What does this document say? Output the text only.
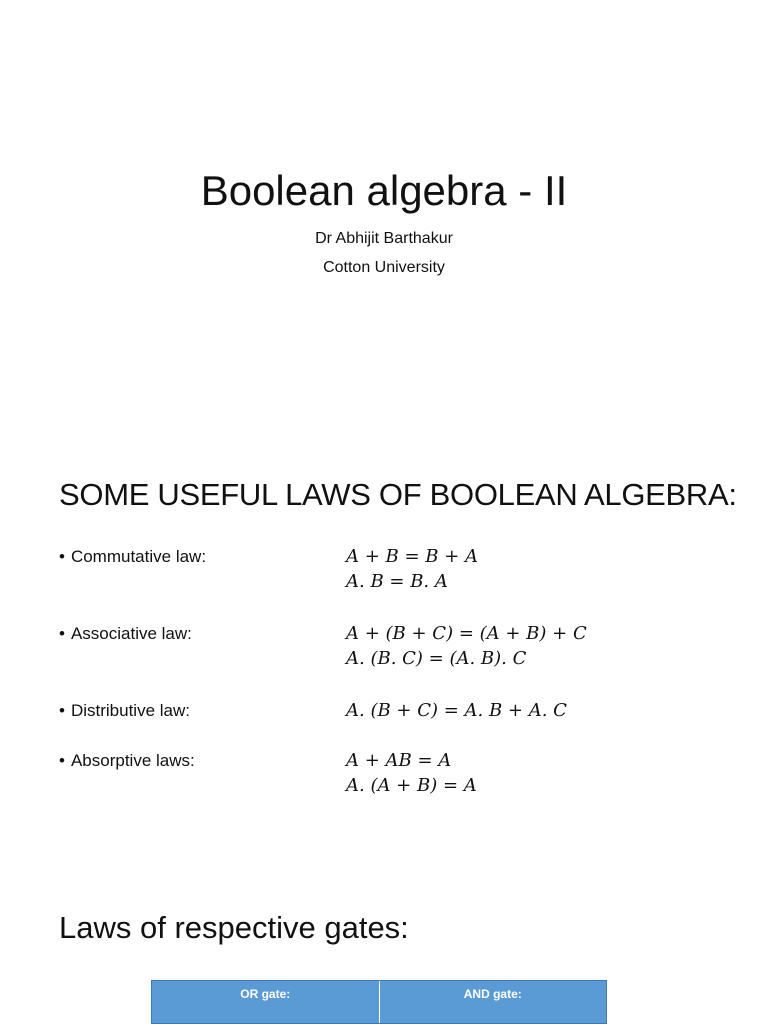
Boolean algebra - II
Dr Abhijit Barthakur
Cotton University
SOME USEFUL LAWS OF BOOLEAN ALGEBRA:
• Commutative law:	A + B = B + A
A. B = B. A
• Associative law:	A + (B + C) = (A + B) + C
A. (B. C) = (A. B). C
• Distributive law:	A. (B + C) = A. B + A. C
• Absorptive laws:	A + AB = A
A. (A + B) = A
Laws of respective gates:
OR gate:	AND gate:
